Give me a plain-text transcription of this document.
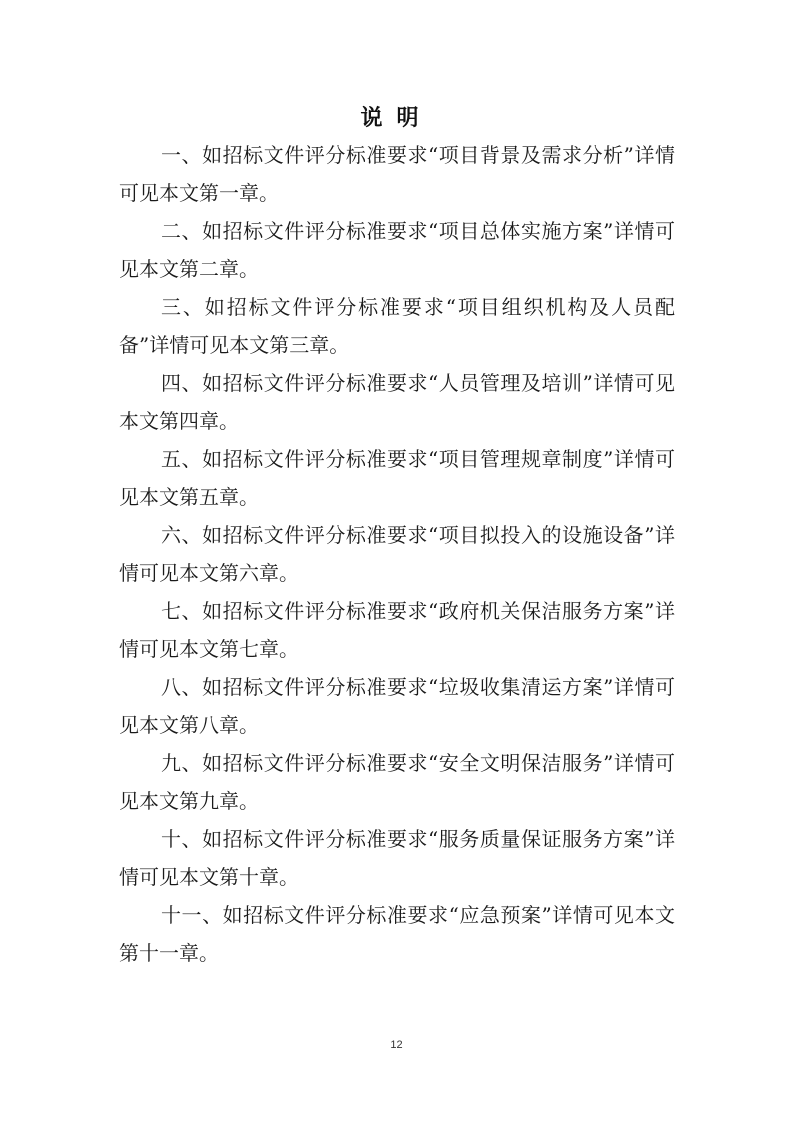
说明

一、如招标文件评分标准要求“项目背景及需求分析”详情可见本文第一章。

二、如招标文件评分标准要求“项目总体实施方案”详情可见本文第二章。

三、如招标文件评分标准要求“项目组织机构及人员配备”详情可见本文第三章。

四、如招标文件评分标准要求“人员管理及培训”详情可见本文第四章。

五、如招标文件评分标准要求“项目管理规章制度”详情可见本文第五章。

六、如招标文件评分标准要求“项目拟投入的设施设备”详情可见本文第六章。

七、如招标文件评分标准要求“政府机关保洁服务方案”详情可见本文第七章。

八、如招标文件评分标准要求“垃圾收集清运方案”详情可见本文第八章。

九、如招标文件评分标准要求“安全文明保洁服务”详情可见本文第九章。

十、如招标文件评分标准要求“服务质量保证服务方案”详情可见本文第十章。

十一、如招标文件评分标准要求“应急预案”详情可见本文第十一章。

12
